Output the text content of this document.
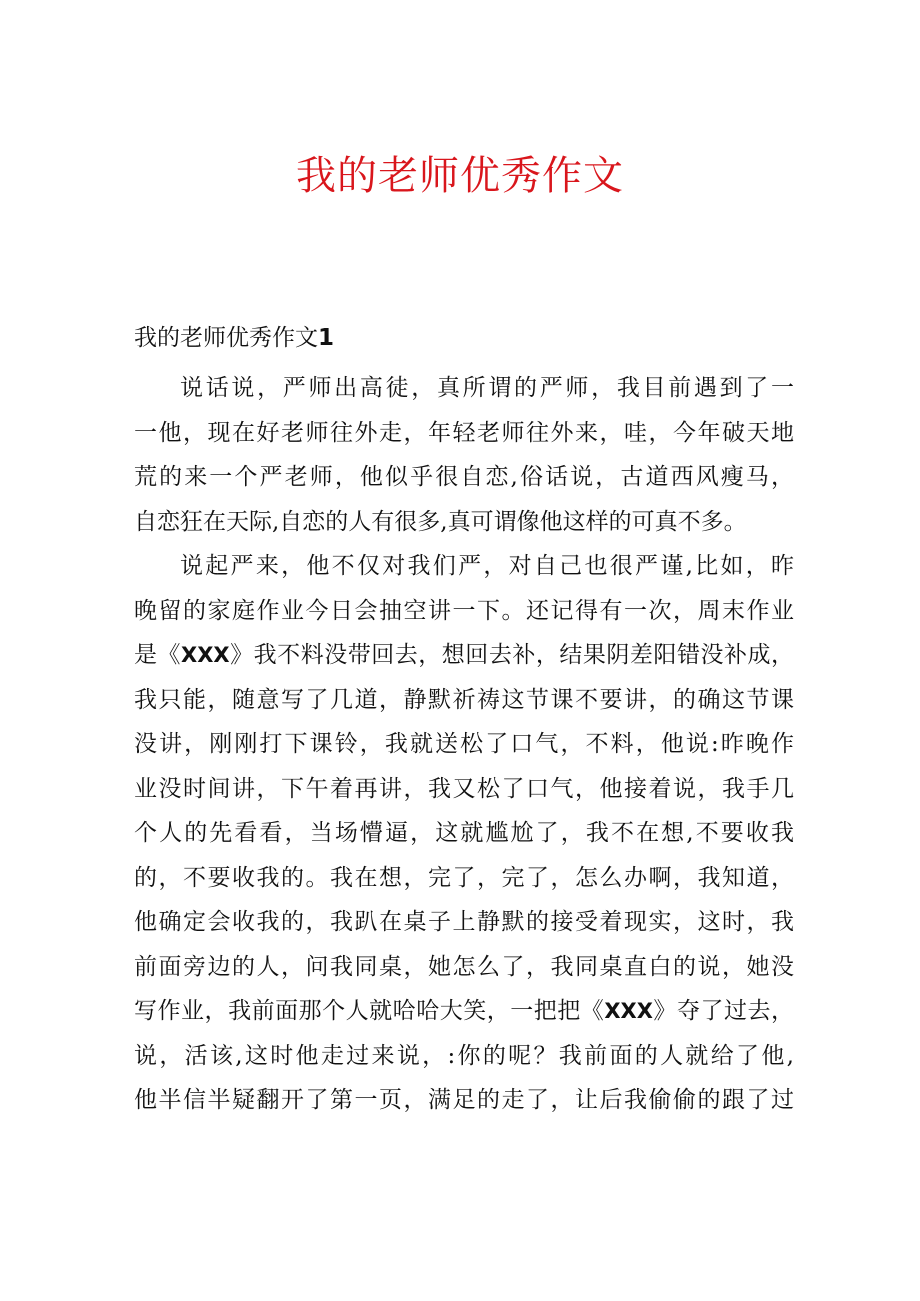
我的老师优秀作文
我的老师优秀作文1
说话说，严师出高徒，真所谓的严师，我目前遇到了一
一他，现在好老师往外走，年轻老师往外来，哇，今年破天地
荒的来一个严老师，他似乎很自恋,俗话说，古道西风瘦马，
自恋狂在天际,自恋的人有很多,真可谓像他这样的可真不多。
说起严来，他不仅对我们严，对自己也很严谨,比如，昨
晚留的家庭作业今日会抽空讲一下。还记得有一次，周末作业
是《XXX》我不料没带回去，想回去补，结果阴差阳错没补成，
我只能，随意写了几道，静默祈祷这节课不要讲，的确这节课
没讲，刚刚打下课铃，我就送松了口气，不料，他说:昨晚作
业没时间讲，下午着再讲，我又松了口气，他接着说，我手几
个人的先看看，当场懵逼，这就尴尬了，我不在想,不要收我
的，不要收我的。我在想，完了，完了，怎么办啊，我知道，
他确定会收我的，我趴在桌子上静默的接受着现实，这时，我
前面旁边的人，问我同桌，她怎么了，我同桌直白的说，她没
写作业，我前面那个人就哈哈大笑，一把把《XXX》夺了过去，
说，活该,这时他走过来说，:你的呢？我前面的人就给了他,
他半信半疑翻开了第一页，满足的走了，让后我偷偷的跟了过
